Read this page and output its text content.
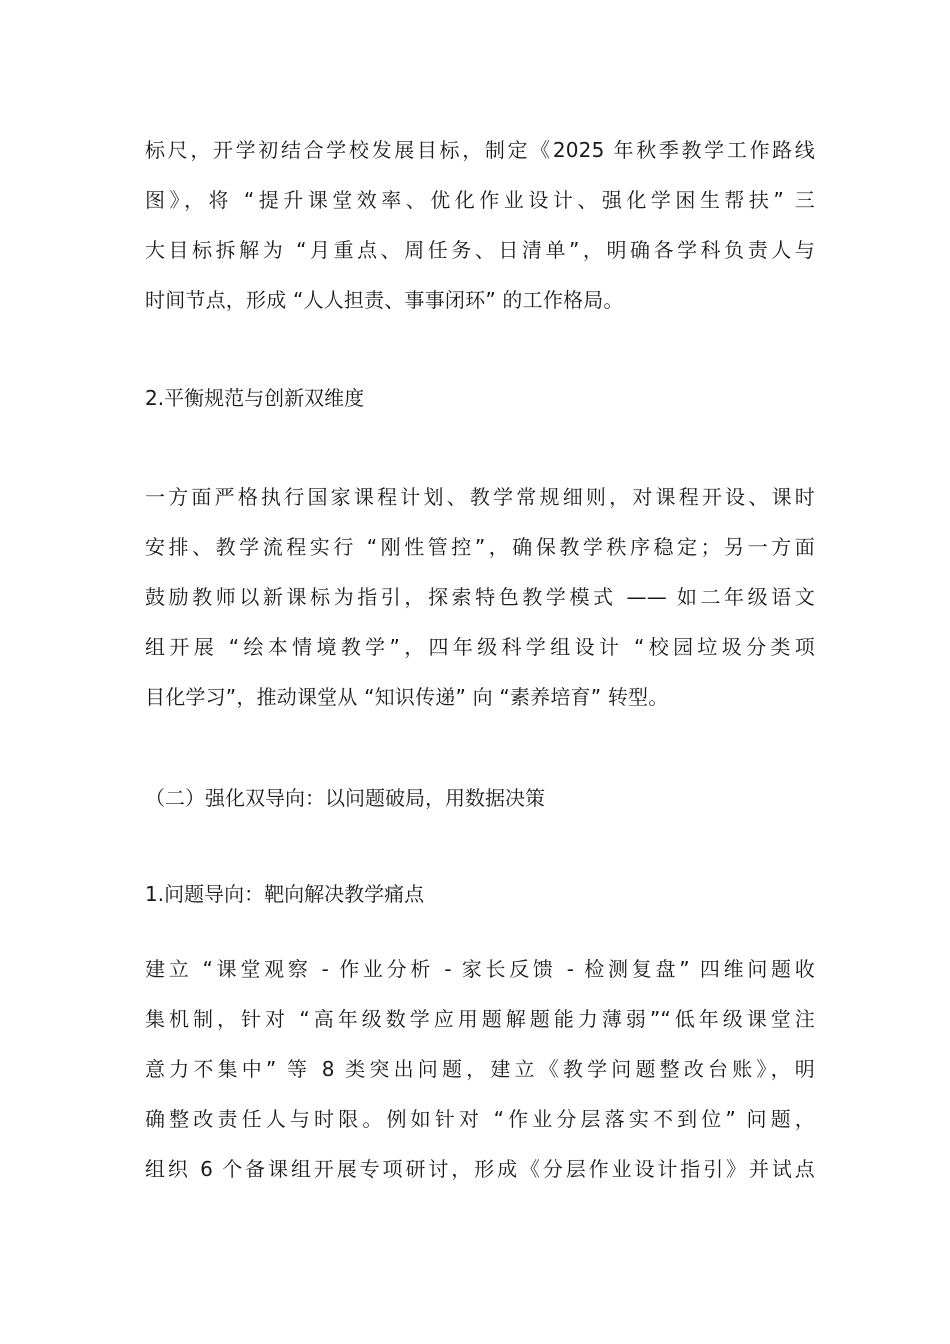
标尺，开学初结合学校发展目标，制定《2025 年秋季教学工作路线
图》，将 “提升课堂效率、优化作业设计、强化学困生帮扶” 三
大目标拆解为 “月重点、周任务、日清单”，明确各学科负责人与
时间节点，形成 “人人担责、事事闭环” 的工作格局。
2.平衡规范与创新双维度
一方面严格执行国家课程计划、教学常规细则，对课程开设、课时
安排、教学流程实行 “刚性管控”，确保教学秩序稳定；另一方面
鼓励教师以新课标为指引，探索特色教学模式 —— 如二年级语文
组开展 “绘本情境教学”，四年级科学组设计 “校园垃圾分类项
目化学习”，推动课堂从 “知识传递” 向 “素养培育” 转型。
（二）强化双导向：以问题破局，用数据决策
1.问题导向：靶向解决教学痛点
建立 “课堂观察 - 作业分析 - 家长反馈 - 检测复盘” 四维问题收
集机制，针对 “高年级数学应用题解题能力薄弱”“低年级课堂注
意力不集中” 等 8 类突出问题，建立《教学问题整改台账》，明
确整改责任人与时限。例如针对 “作业分层落实不到位” 问题，
组织 6 个备课组开展专项研讨，形成《分层作业设计指引》并试点
